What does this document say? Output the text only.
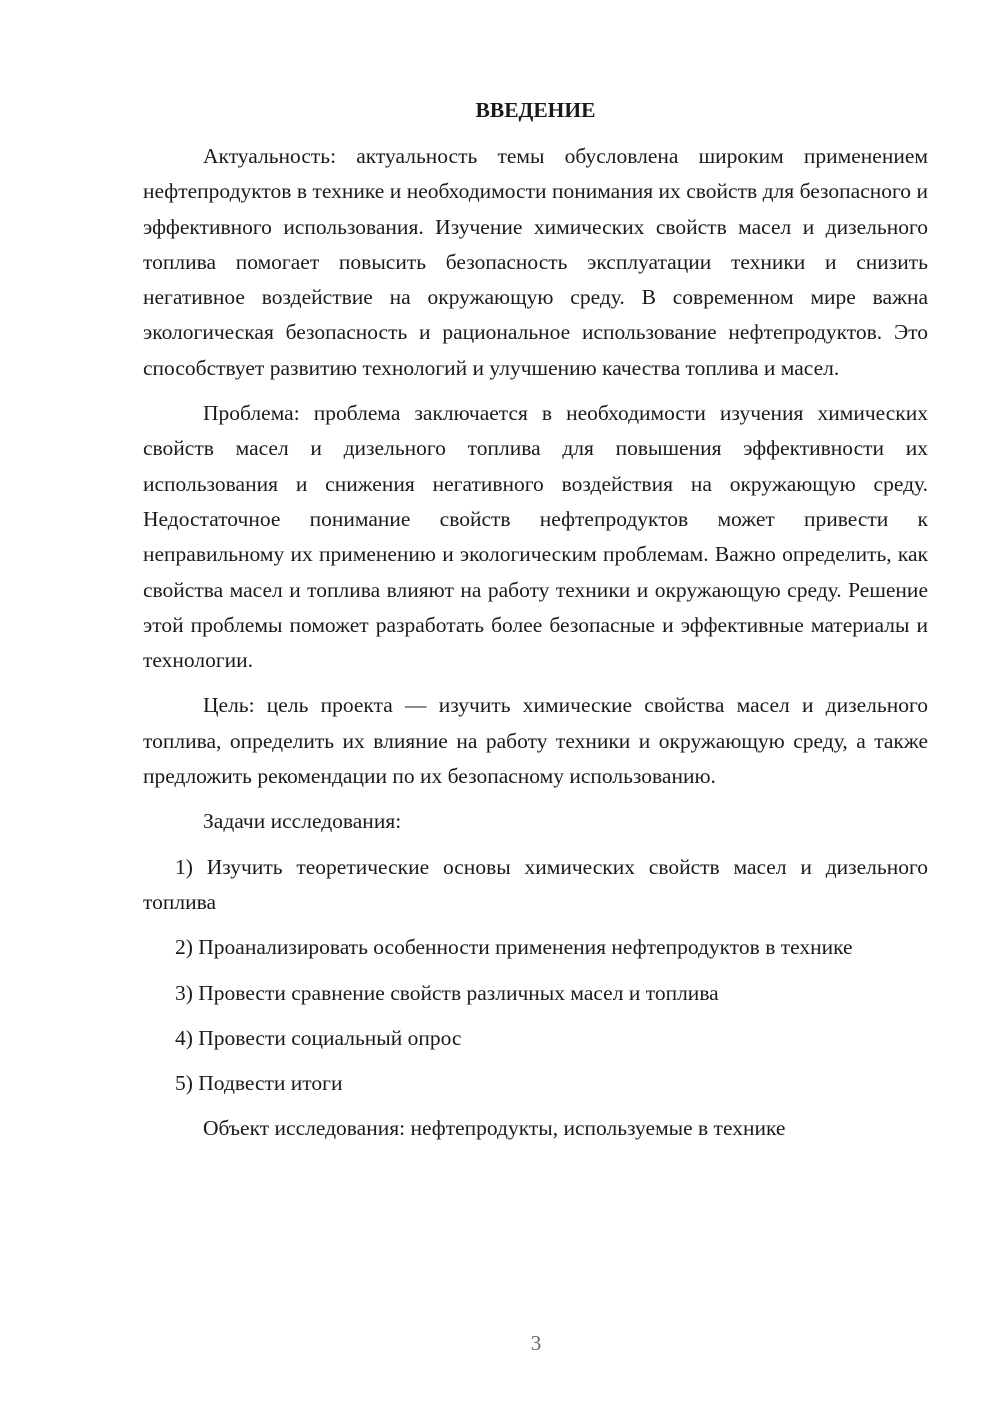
ВВЕДЕНИЕ

Актуальность: актуальность темы обусловлена широким применением нефтепродуктов в технике и необходимости понимания их свойств для безопасного и эффективного использования. Изучение химических свойств масел и дизельного топлива помогает повысить безопасность эксплуатации техники и снизить негативное воздействие на окружающую среду. В современном мире важна экологическая безопасность и рациональное использование нефтепродуктов. Это способствует развитию технологий и улучшению качества топлива и масел.

Проблема: проблема заключается в необходимости изучения химических свойств масел и дизельного топлива для повышения эффективности их использования и снижения негативного воздействия на окружающую среду. Недостаточное понимание свойств нефтепродуктов может привести к неправильному их применению и экологическим проблемам. Важно определить, как свойства масел и топлива влияют на работу техники и окружающую среду. Решение этой проблемы поможет разработать более безопасные и эффективные материалы и технологии.

Цель: цель проекта — изучить химические свойства масел и дизельного топлива, определить их влияние на работу техники и окружающую среду, а также предложить рекомендации по их безопасному использованию.

Задачи исследования:

1) Изучить теоретические основы химических свойств масел и дизельного топлива

2) Проанализировать особенности применения нефтепродуктов в технике

3) Провести сравнение свойств различных масел и топлива

4) Провести социальный опрос

5) Подвести итоги

Объект исследования: нефтепродукты, используемые в технике

3
